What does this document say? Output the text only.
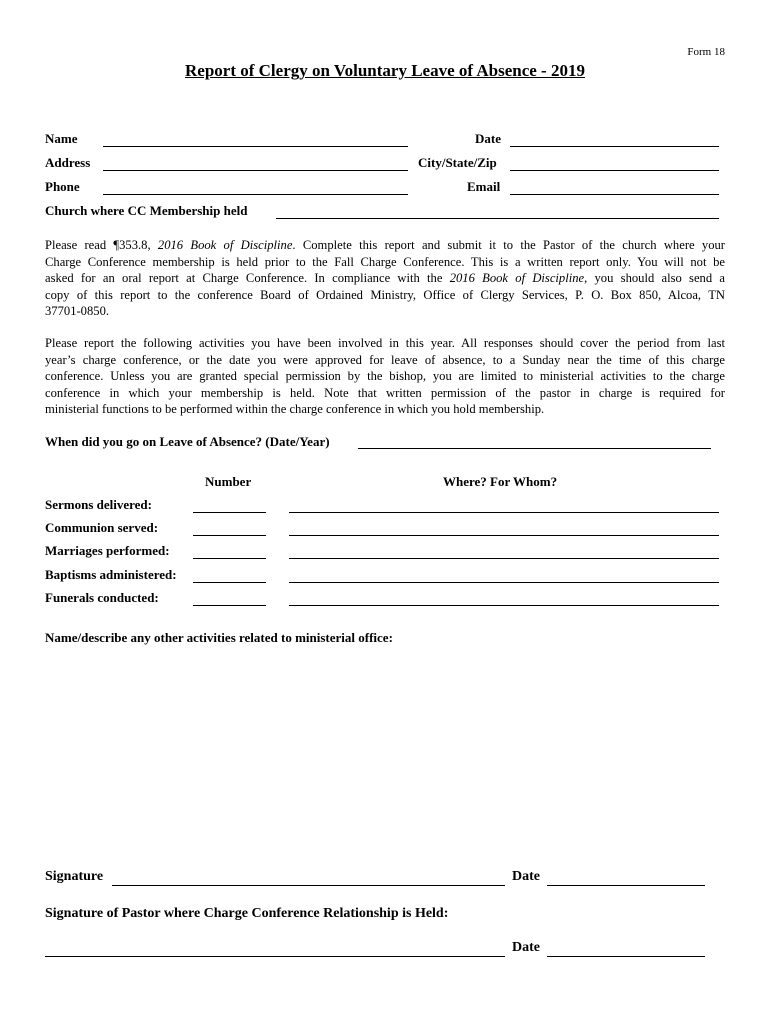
Form 18
Report of Clergy on Voluntary Leave of Absence - 2019
Name	Date
Address	City/State/Zip
Phone	Email
Church where CC Membership held
Please read ¶353.8, 2016 Book of Discipline. Complete this report and submit it to the Pastor of the church where your
Charge Conference membership is held prior to the Fall Charge Conference. This is a written report only. You will not be
asked for an oral report at Charge Conference. In compliance with the 2016 Book of Discipline, you should also send a
copy of this report to the conference Board of Ordained Ministry, Office of Clergy Services, P. O. Box 850, Alcoa, TN
37701-0850.
Please report the following activities you have been involved in this year. All responses should cover the period from last
year’s charge conference, or the date you were approved for leave of absence, to a Sunday near the time of this charge
conference. Unless you are granted special permission by the bishop, you are limited to ministerial activities to the charge
conference in which your membership is held. Note that written permission of the pastor in charge is required for
ministerial functions to be performed within the charge conference in which you hold membership.
When did you go on Leave of Absence? (Date/Year)
Number	Where? For Whom?
Sermons delivered:
Communion served:
Marriages performed:
Baptisms administered:
Funerals conducted:
Name/describe any other activities related to ministerial office:
Signature	Date
Signature of Pastor where Charge Conference Relationship is Held:
Date
